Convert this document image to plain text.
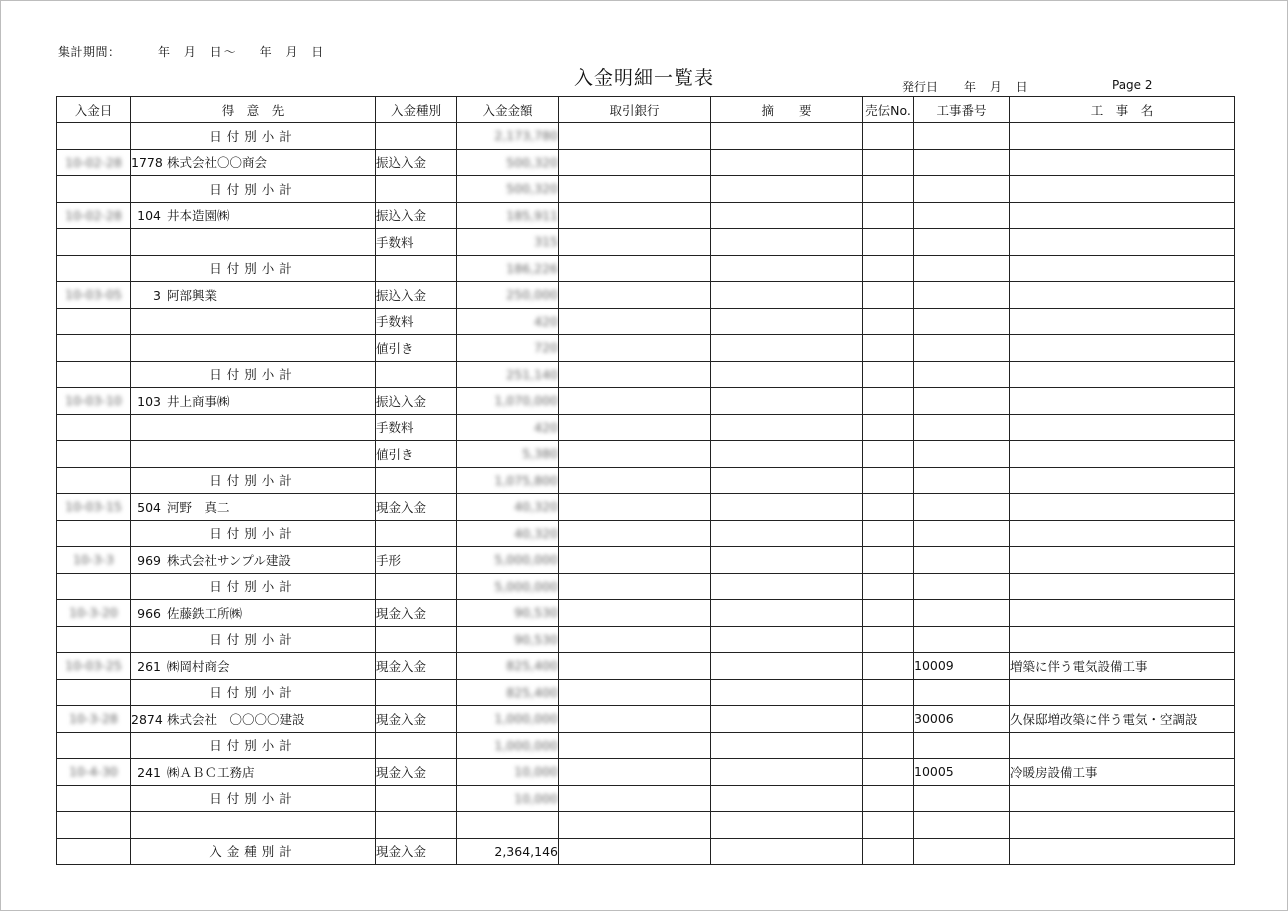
集計期間：	年 月 日～ 年 月 日
入金明細一覧表	発行日 年 月 日	Page 2
入金日	得　意　先	入金種別	入金金額	取引銀行	摘　　要	売伝No.	工事番号	工　事　名
	日付別小計		2,173,780					
10-02-28	1778 株式会社〇〇商会	振込入金	500,320					
	日付別小計		500,320					
10-02-28	104 井本造園㈱	振込入金	185,911					
		手数料	315					
	日付別小計		186,226					
10-03-05	3 阿部興業	振込入金	250,000					
		手数料	420					
		値引き	720					
	日付別小計		251,140					
10-03-10	103 井上商事㈱	振込入金	1,070,000					
		手数料	420					
		値引き	5,380					
	日付別小計		1,075,800					
10-03-15	504 河野　真二	現金入金	40,320					
	日付別小計		40,320					
10-3-3	969 株式会社サンプル建設	手形	5,000,000					
	日付別小計		5,000,000					
10-3-20	966 佐藤鉄工所㈱	現金入金	90,530					
	日付別小計		90,530					
10-03-25	261 ㈱岡村商会	現金入金	825,400				10009	増築に伴う電気設備工事
	日付別小計		825,400					
10-3-28	2874 株式会社　〇〇〇〇建設	現金入金	1,000,000				30006	久保邸増改築に伴う電気・空調設
	日付別小計		1,000,000					
10-4-30	241 ㈱ＡＢＣ工務店	現金入金	10,000				10005	冷暖房設備工事
	日付別小計		10,000					

	入金種別計	現金入金	2,364,146					
